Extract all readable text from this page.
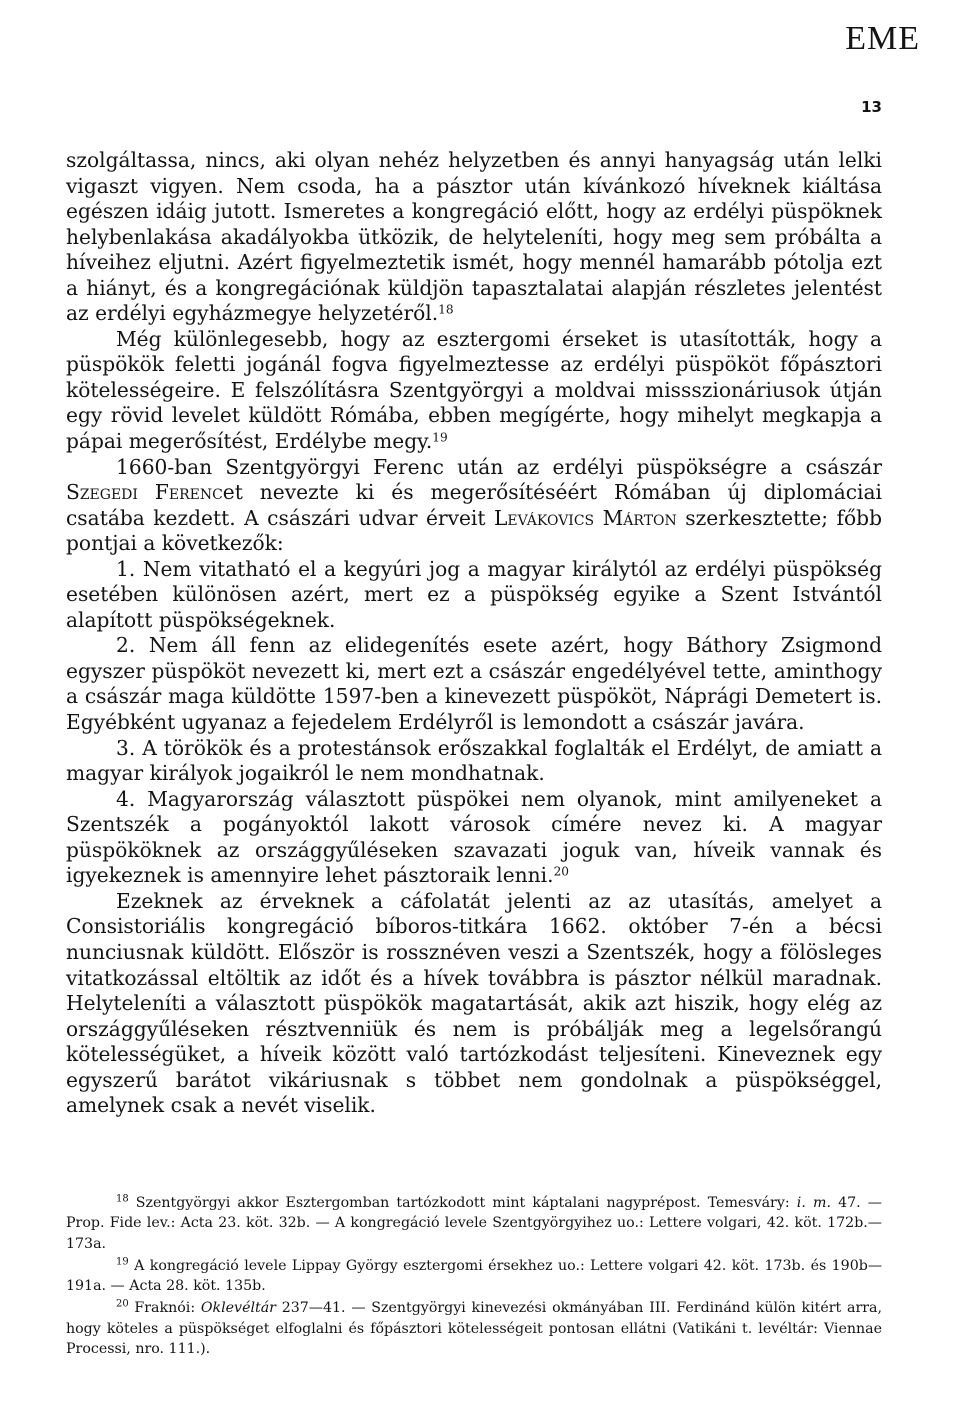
EME
13

szolgáltassa, nincs, aki olyan nehéz helyzetben és annyi hanyagság után lelki vigaszt vigyen. Nem csoda, ha a pásztor után kívánkozó híveknek kiáltása egészen idáig jutott. Ismeretes a kongregáció előtt, hogy az erdélyi püspöknek helybenlakása akadályokba ütközik, de helyteleníti, hogy meg sem próbálta a híveihez eljutni. Azért figyelmeztetik ismét, hogy mennél hamarább pótolja ezt a hiányt, és a kongregációnak küldjön tapasztalatai alapján részletes jelentést az erdélyi egyházmegye helyzetéről.$^{18}$

Még különlegesebb, hogy az esztergomi érseket is utasították, hogy a püspökök feletti jogánál fogva figyelmeztesse az erdélyi püspököt főpásztori kötelességeire. E felszólításra Szentgyörgyi a moldvai missszionáriusok útján egy rövid levelet küldött Rómába, ebben megígérte, hogy mihelyt megkapja a pápai megerősítést, Erdélybe megy.$^{19}$

1660-ban Szentgyörgyi Ferenc után az erdélyi püspökségre a császár Szegedi Ferencet nevezte ki és megerősítéséért Rómában új diplomáciai csatába kezdett. A császári udvar érveit Levákovics Márton szerkesztette; főbb pontjai a következők:

1. Nem vitatható el a kegyúri jog a magyar királytól az erdélyi püspökség esetében különösen azért, mert ez a püspökség egyike a Szent Istvántól alapított püspökségeknek.

2. Nem áll fenn az elidegenítés esete azért, hogy Báthory Zsigmond egyszer püspököt nevezett ki, mert ezt a császár engedélyével tette, aminthogy a császár maga küldötte 1597-ben a kinevezett püspököt, Náprági Demetert is. Egyébként ugyanaz a fejedelem Erdélyről is lemondott a császár javára.

3. A törökök és a protestánsok erőszakkal foglalták el Erdélyt, de amiatt a magyar királyok jogaikról le nem mondhatnak.

4. Magyarország választott püspökei nem olyanok, mint amilyeneket a Szentszék a pogányoktól lakott városok címére nevez ki. A magyar püspököknek az országgyűléseken szavazati joguk van, híveik vannak és igyekeznek is amennyire lehet pásztoraik lenni.$^{20}$

Ezeknek az érveknek a cáfolatát jelenti az az utasítás, amelyet a Consistoriális kongregáció bíboros-titkára 1662. október 7-én a bécsi nunciusnak küldött. Először is rossznéven veszi a Szentszék, hogy a fölösleges vitatkozással eltöltik az időt és a hívek továbbra is pásztor nélkül maradnak. Helyteleníti a választott püspökök magatartását, akik azt hiszik, hogy elég az országgyűléseken résztvenniük és nem is próbálják meg a legelsőrangú kötelességüket, a híveik között való tartózkodást teljesíteni. Kineveznek egy egyszerű barátot vikáriusnak s többet nem gondolnak a püspökséggel, amelynek csak a nevét viselik.

$^{18}$ Szentgyörgyi akkor Esztergomban tartózkodott mint káptalani nagyprépost. Temesváry: i. m. 47. — Prop. Fide lev.: Acta 23. köt. 32b. — A kongregáció levele Szentgyörgyihez uo.: Lettere volgari, 42. köt. 172b.—173a.

$^{19}$ A kongregáció levele Lippay György esztergomi érsekhez uo.: Lettere volgari 42. köt. 173b. és 190b—191a. — Acta 28. köt. 135b.

$^{20}$ Fraknói: Oklevéltár 237—41. — Szentgyörgyi kinevezési okmányában III. Ferdinánd külön kitért arra, hogy köteles a püspökséget elfoglalni és főpásztori kötelességeit pontosan ellátni (Vatikáni t. levéltár: Viennae Processi, nro. 111.).
